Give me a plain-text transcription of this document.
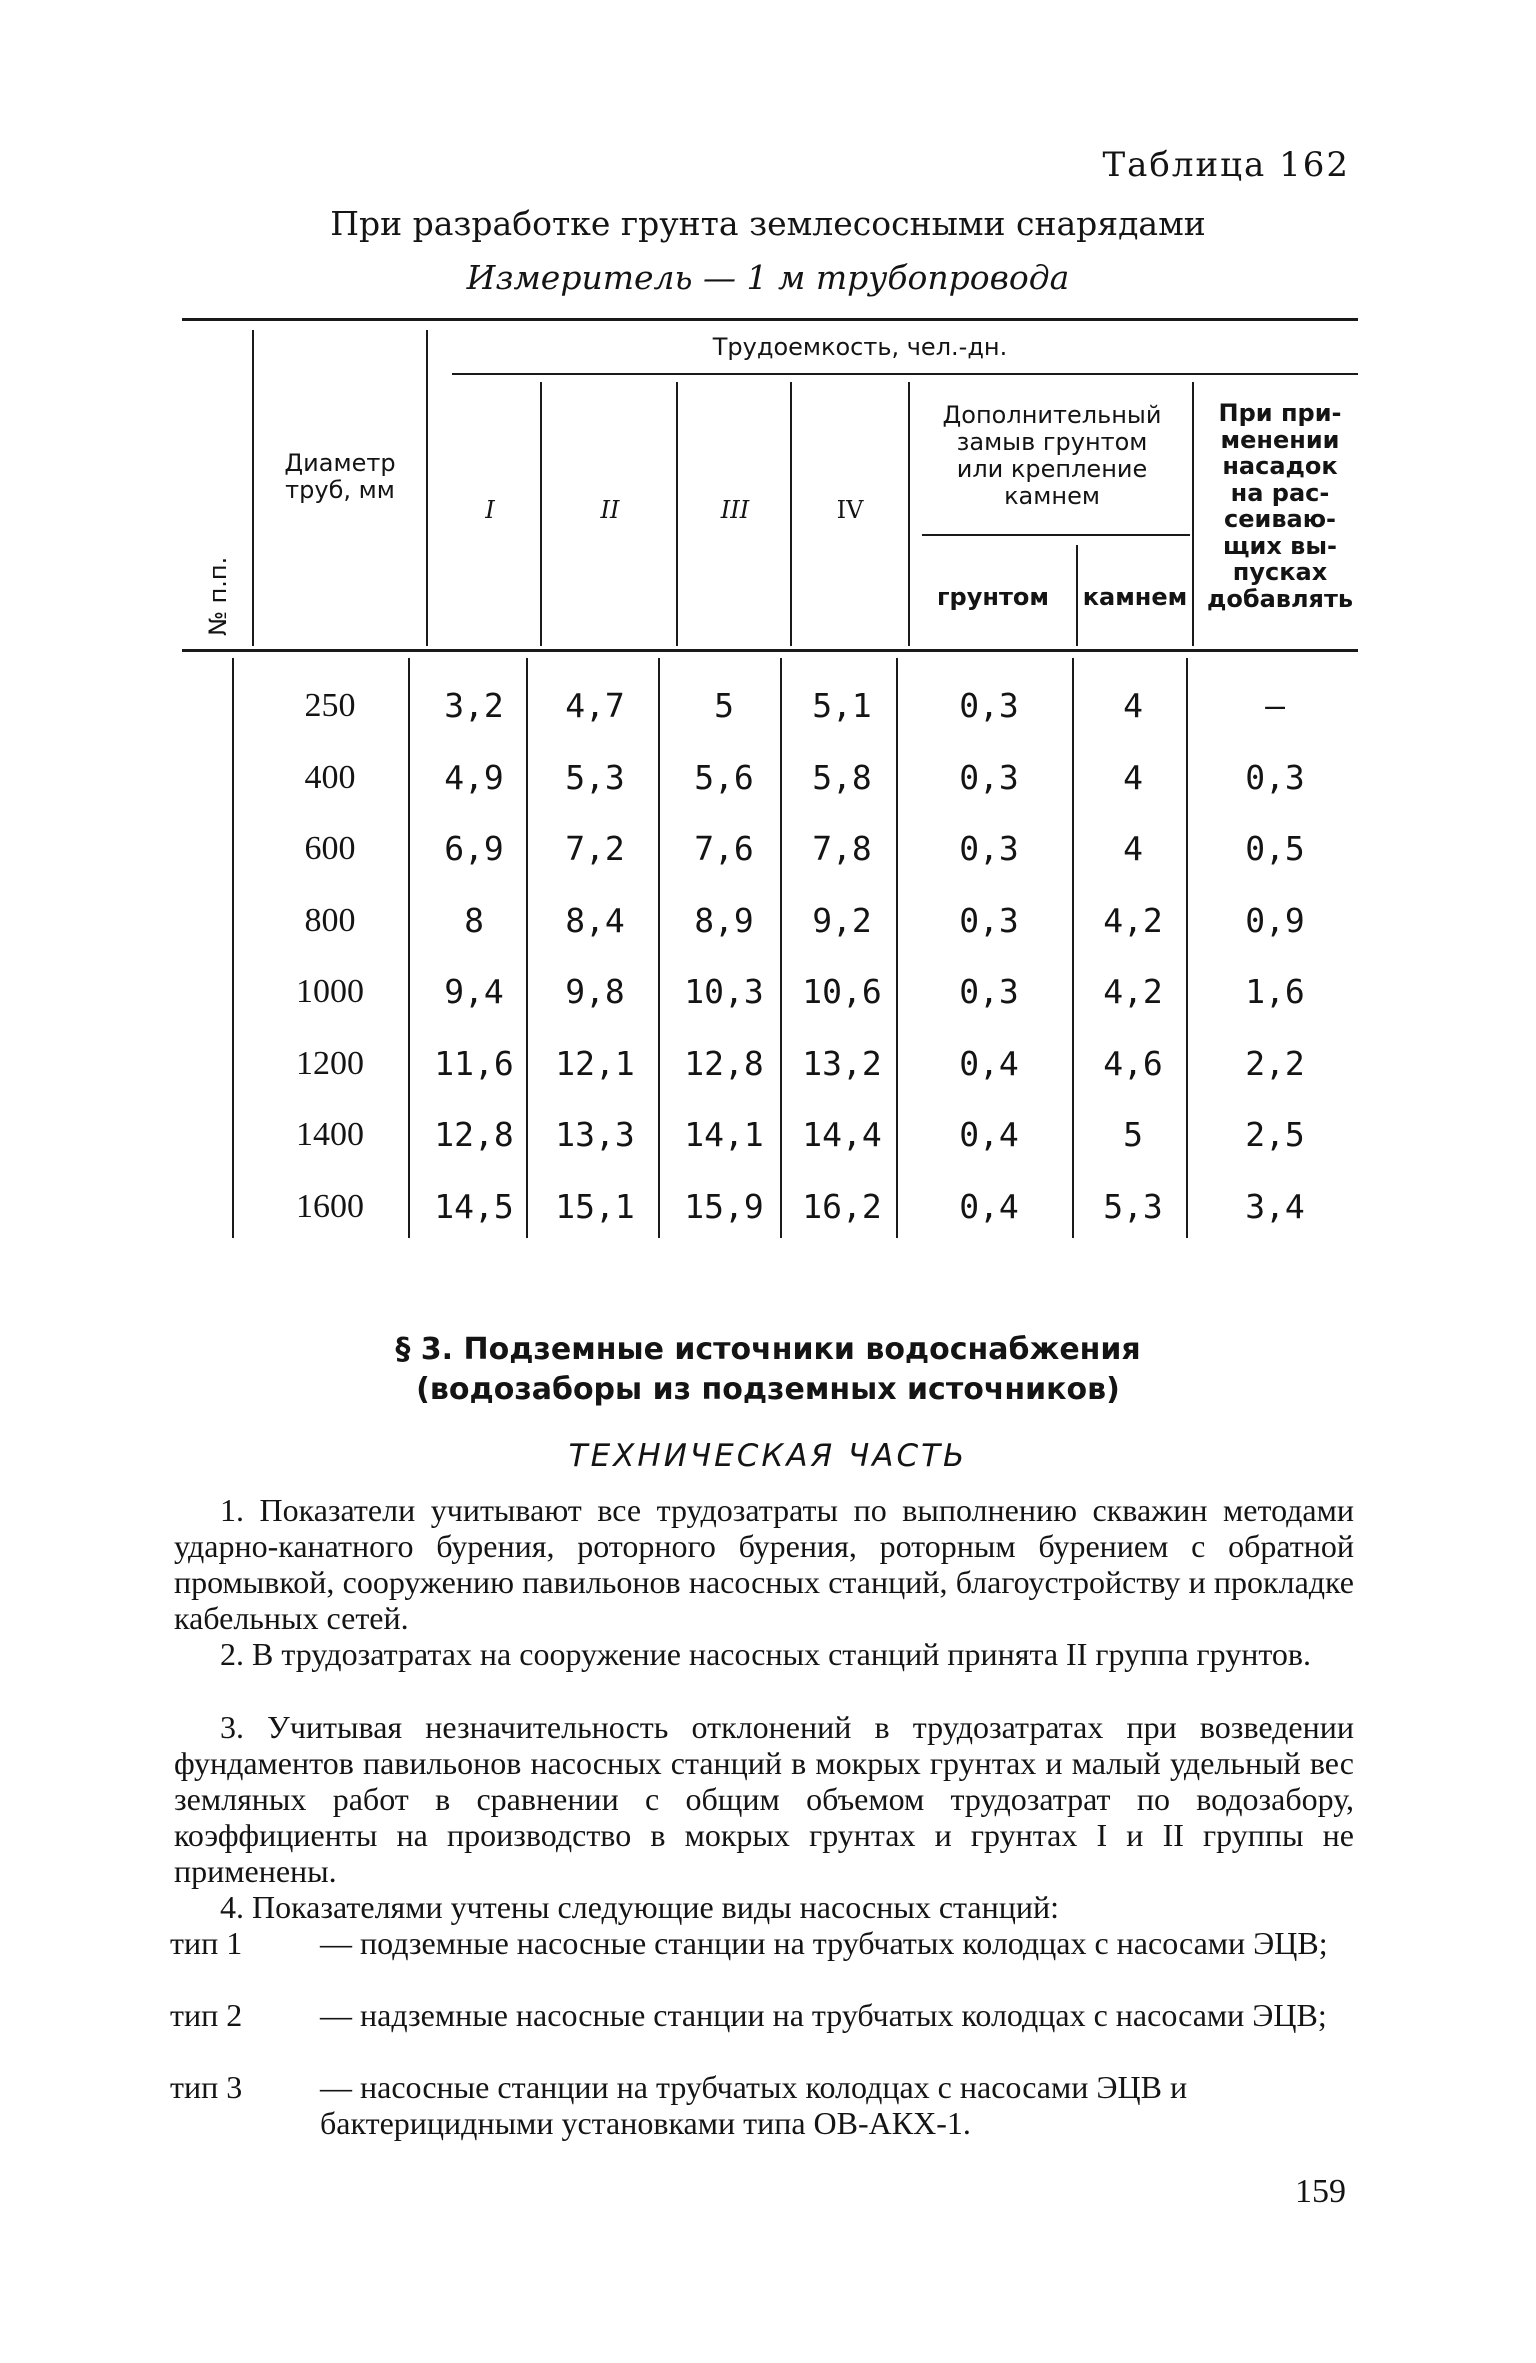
Таблица 162
При разработке грунта землесосными снарядами
Измеритель — 1 м трубопровода
№ п.п.
Диаметр
труб, мм
Трудоемкость, чел.-дн.
I	II	III	IV
Дополнительный
замыв грунтом
или крепление
камнем
грунтом	камнем
При при-
менении
насадок
на рас-
сеиваю-
щих вы-
пусках
добавлять
250	3,2	4,7	5	5,1	0,3	4	—
400	4,9	5,3	5,6	5,8	0,3	4	0,3
600	6,9	7,2	7,6	7,8	0,3	4	0,5
800	8	8,4	8,9	9,2	0,3	4,2	0,9
1000	9,4	9,8	10,3	10,6	0,3	4,2	1,6
1200	11,6	12,1	12,8	13,2	0,4	4,6	2,2
1400	12,8	13,3	14,1	14,4	0,4	5	2,5
1600	14,5	15,1	15,9	16,2	0,4	5,3	3,4
§ 3. Подземные источники водоснабжения
(водозаборы из подземных источников)
ТЕХНИЧЕСКАЯ ЧАСТЬ
1. Показатели учитывают все трудозатраты по выполнению скважин методами ударно-канатного бурения, роторного бурения, роторным бурением с обратной промывкой, сооружению павильонов насосных станций, благоустройству и прокладке кабельных сетей.
2. В трудозатратах на сооружение насосных станций принята II группа грунтов.
3. Учитывая незначительность отклонений в трудозатратах при возведении фундаментов павильонов насосных станций в мокрых грунтах и малый удельный вес земляных работ в сравнении с общим объемом трудозатрат по водозабору, коэффициенты на производство в мокрых грунтах и грунтах I и II группы не применены.
4. Показателями учтены следующие виды насосных станций:
тип 1 — подземные насосные станции на трубчатых колодцах с насосами ЭЦВ;
тип 2 — надземные насосные станции на трубчатых колодцах с насосами ЭЦВ;
тип 3 — насосные станции на трубчатых колодцах с насосами ЭЦВ и бактерицидными установками типа ОВ-АКХ-1.
159
